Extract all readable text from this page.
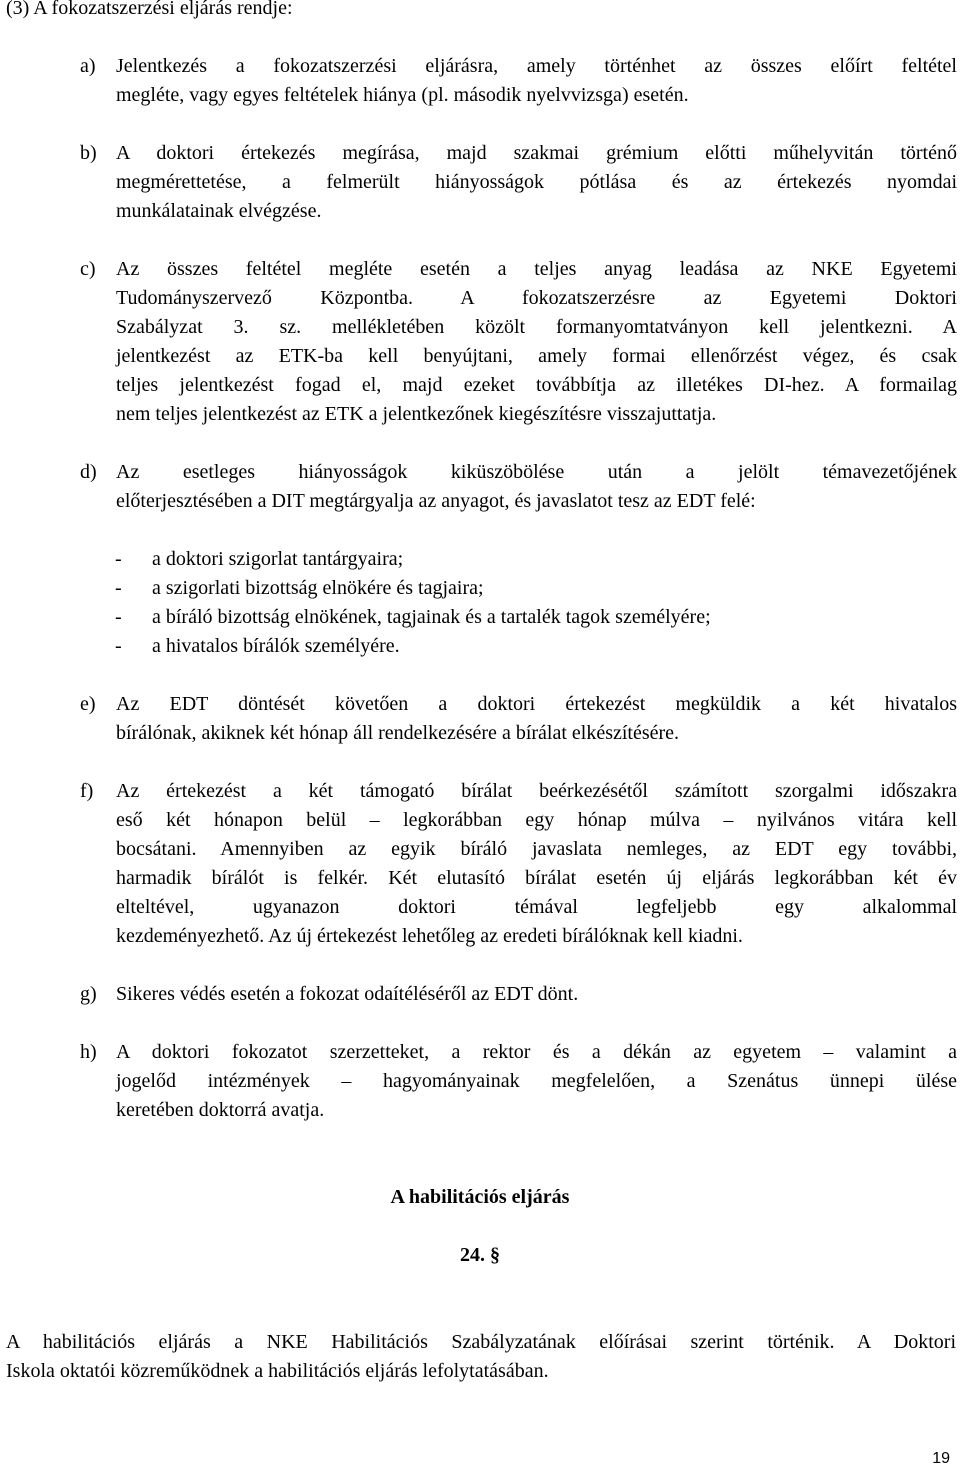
(3) A fokozatszerzési eljárás rendje:
a) Jelentkezés a fokozatszerzési eljárásra, amely történhet az összes előírt feltétel
megléte, vagy egyes feltételek hiánya (pl. második nyelvvizsga) esetén.
b) A doktori értekezés megírása, majd szakmai grémium előtti műhelyvitán történő
megmérettetése, a felmerült hiányosságok pótlása és az értekezés nyomdai
munkálatainak elvégzése.
c) Az összes feltétel megléte esetén a teljes anyag leadása az NKE Egyetemi
Tudományszervező Központba. A fokozatszerzésre az Egyetemi Doktori
Szabályzat 3. sz. mellékletében közölt formanyomtatványon kell jelentkezni. A
jelentkezést az ETK-ba kell benyújtani, amely formai ellenőrzést végez, és csak
teljes jelentkezést fogad el, majd ezeket továbbítja az illetékes DI-hez. A formailag
nem teljes jelentkezést az ETK a jelentkezőnek kiegészítésre visszajuttatja.
d) Az esetleges hiányosságok kiküszöbölése után a jelölt témavezetőjének
előterjesztésében a DIT megtárgyalja az anyagot, és javaslatot tesz az EDT felé:
- a doktori szigorlat tantárgyaira;
- a szigorlati bizottság elnökére és tagjaira;
- a bíráló bizottság elnökének, tagjainak és a tartalék tagok személyére;
- a hivatalos bírálók személyére.
e) Az EDT döntését követően a doktori értekezést megküldik a két hivatalos
bírálónak, akiknek két hónap áll rendelkezésére a bírálat elkészítésére.
f) Az értekezést a két támogató bírálat beérkezésétől számított szorgalmi időszakra
eső két hónapon belül – legkorábban egy hónap múlva – nyilvános vitára kell
bocsátani. Amennyiben az egyik bíráló javaslata nemleges, az EDT egy további,
harmadik bírálót is felkér. Két elutasító bírálat esetén új eljárás legkorábban két év
elteltével, ugyanazon doktori témával legfeljebb egy alkalommal
kezdeményezhető. Az új értekezést lehetőleg az eredeti bírálóknak kell kiadni.
g) Sikeres védés esetén a fokozat odaítéléséről az EDT dönt.
h) A doktori fokozatot szerzetteket, a rektor és a dékán az egyetem – valamint a
jogelőd intézmények – hagyományainak megfelelően, a Szenátus ünnepi ülése
keretében doktorrá avatja.
A habilitációs eljárás
24. §
A habilitációs eljárás a NKE Habilitációs Szabályzatának előírásai szerint történik. A Doktori
Iskola oktatói közreműködnek a habilitációs eljárás lefolytatásában.
19
